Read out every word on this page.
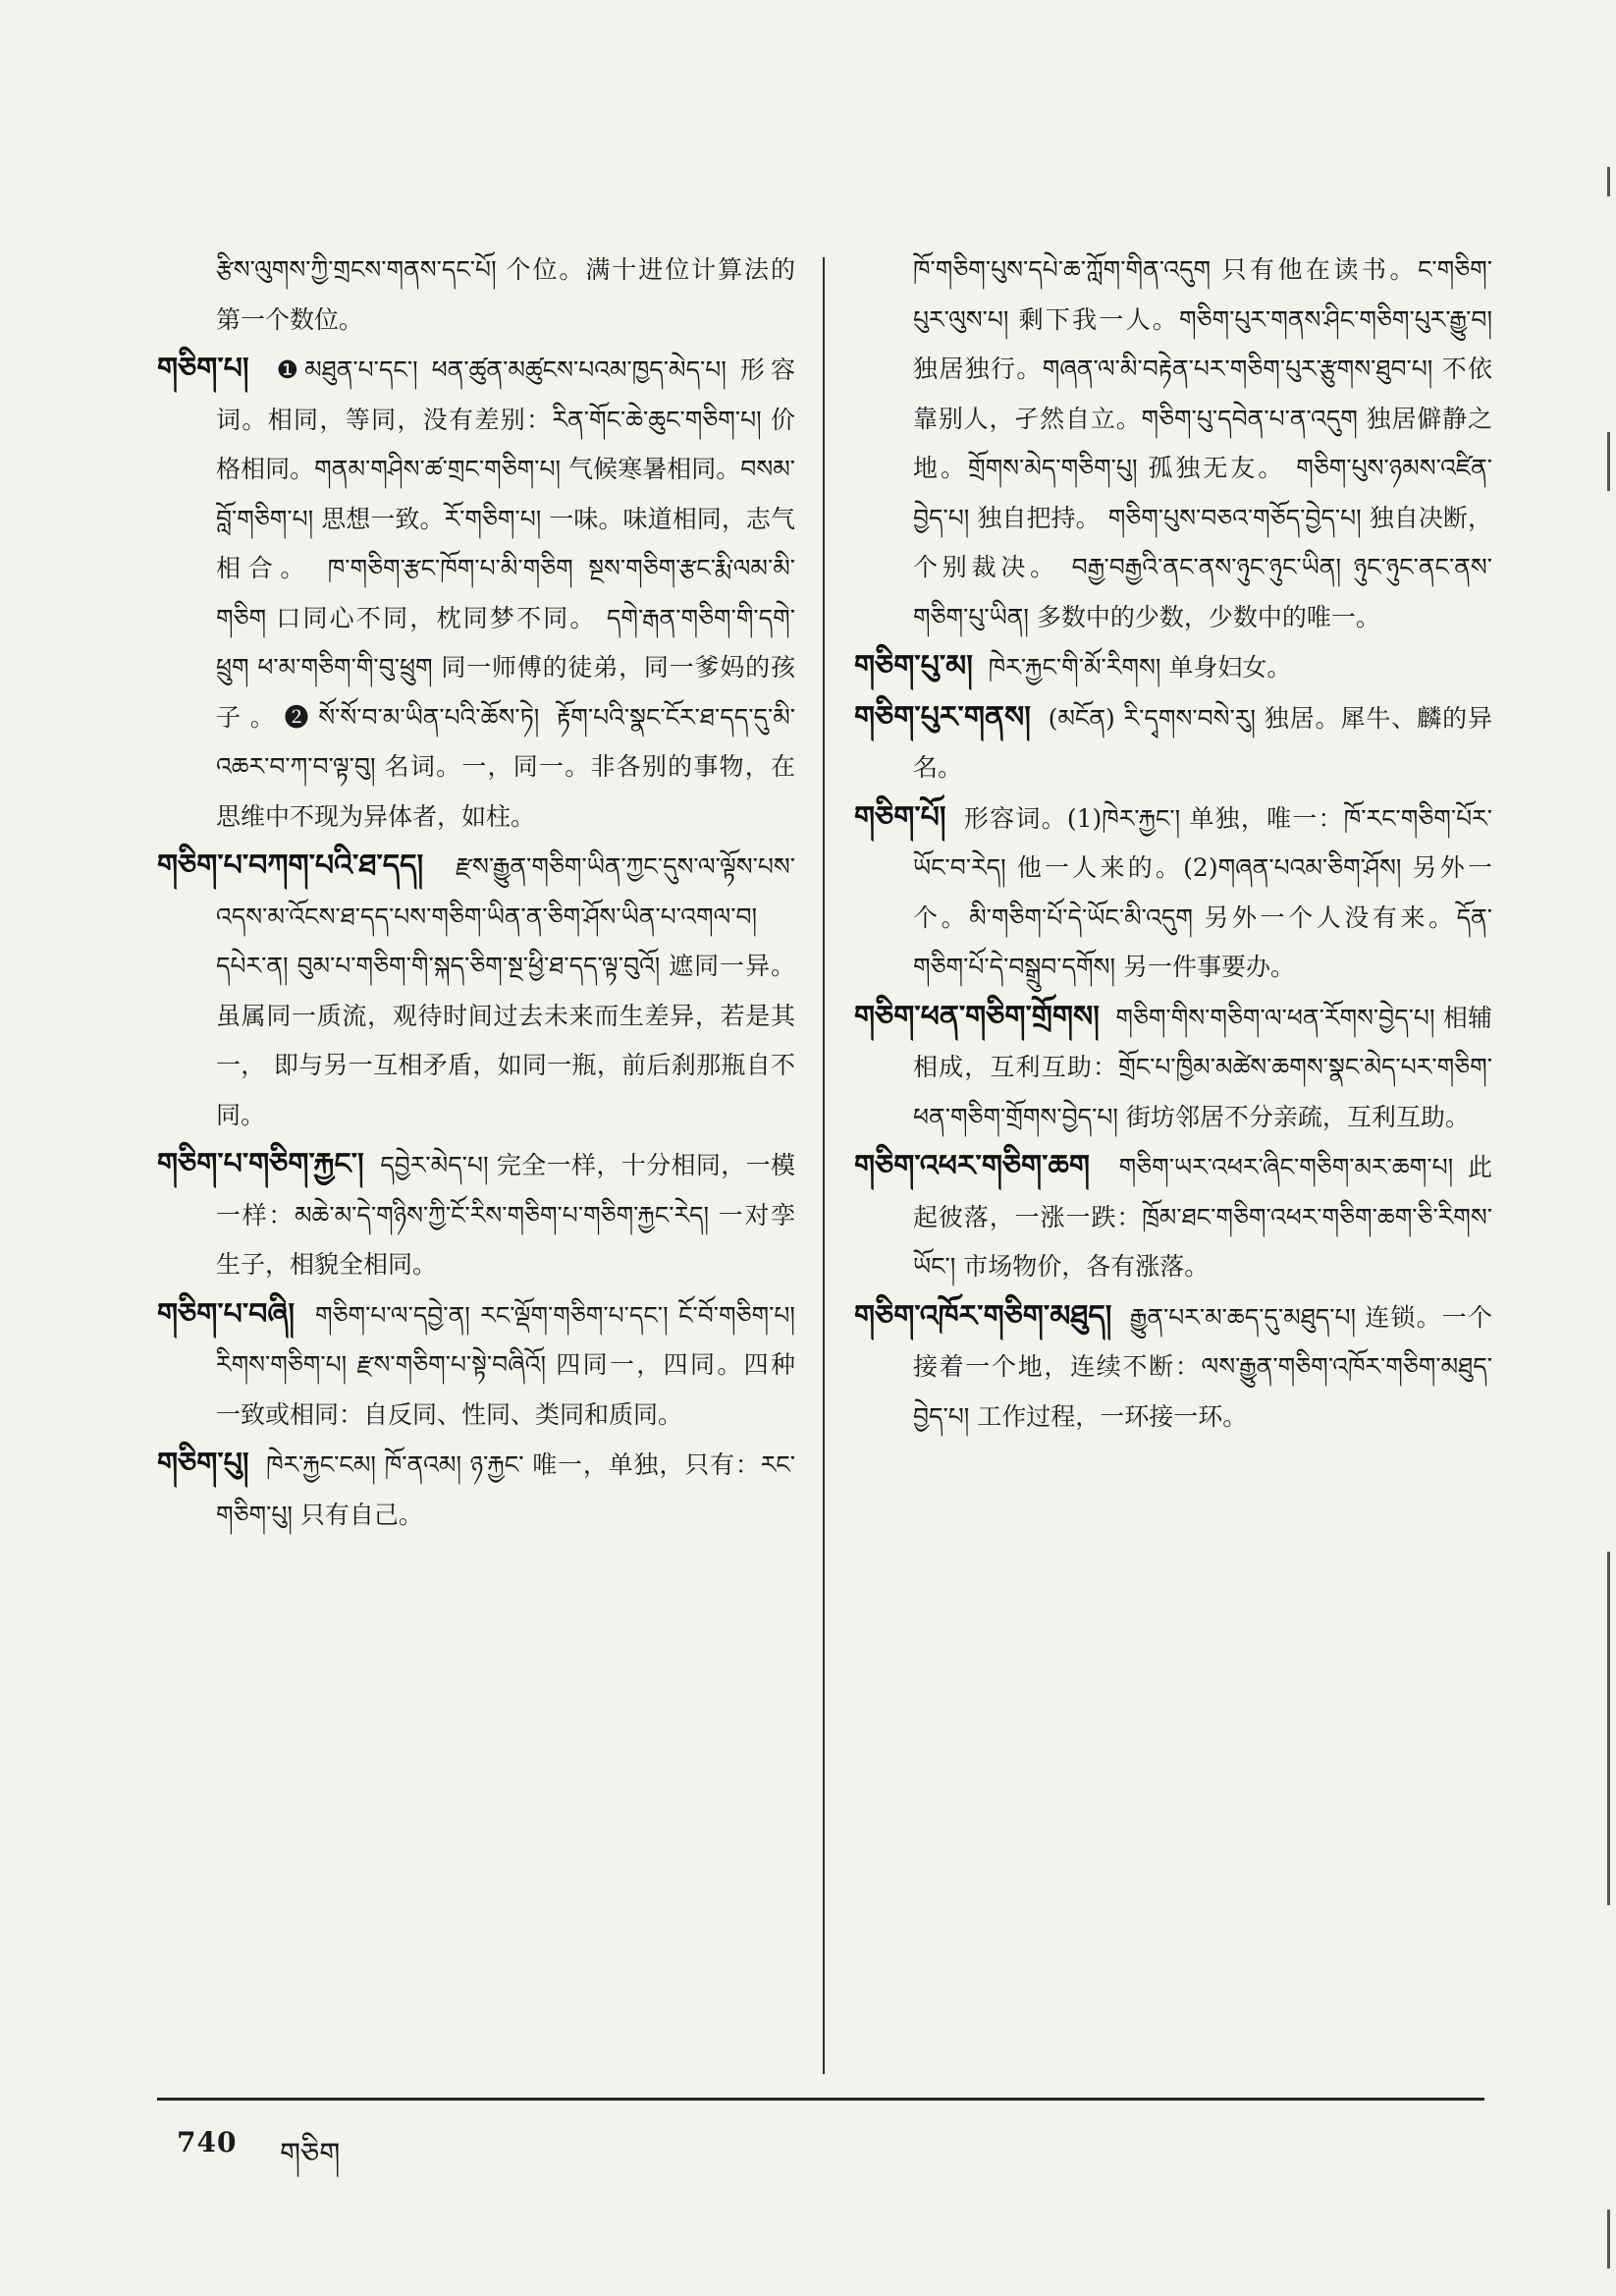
རྩིས་ལུགས་ཀྱི་གྲངས་གནས་དང་པོ། 个位。满十进位计算法的第一个数位。

གཅིག་པ། ❶མཐུན་པ་དང་། ཕན་ཚུན་མཚུངས་པའམ་ཁྱད་མེད་པ། 形容词。相同，等同，没有差别：རིན་གོང་ཆེ་ཆུང་གཅིག་པ། 价格相同。གནམ་གཤིས་ཚ་གྲང་གཅིག་པ། 气候寒暑相同。བསམ་བློ་གཅིག་པ། 思想一致。རོ་གཅིག་པ། 一味。味道相同，志气相合。 ཁ་གཅིག་རྩང་ཁོག་པ་མི་གཅིག སྔས་གཅིག་རྩང་རྨི་ལམ་མི་གཅིག 口同心不同，枕同梦不同。 དགེ་རྒན་གཅིག་གི་དགེ་ཕྲུག ཕ་མ་གཅིག་གི་བུ་ཕྲུག 同一师傅的徒弟，同一爹妈的孩子。❷སོ་སོ་བ་མ་ཡིན་པའི་ཆོས་ཏེ། རྟོག་པའི་སྣང་ངོར་ཐ་དད་དུ་མི་འཆར་བ་ཀ་བ་ལྟ་བུ། 名词。一，同一。非各别的事物，在思维中不现为异体者，如柱。

གཅིག་པ་བཀག་པའི་ཐ་དད། རྫས་རྒྱུན་གཅིག་ཡིན་ཀྱང་དུས་ལ་ལྟོས་པས་འདས་མ་འོངས་ཐ་དད་པས་གཅིག་ཡིན་ན་ཅིག་ཤོས་ཡིན་པ་འགལ་བ། དཔེར་ན། བུམ་པ་གཅིག་གི་སྐད་ཅིག་སྔ་ཕྱི་ཐ་དད་ལྟ་བུའོ། 遮同一异。虽属同一质流，观待时间过去未来而生差异，若是其一， 即与另一互相矛盾，如同一瓶，前后刹那瓶自不同。

གཅིག་པ་གཅིག་རྐྱང་། དབྱེར་མེད་པ། 完全一样，十分相同，一模一样：མཆེ་མ་དེ་གཉིས་ཀྱི་ངོ་རིས་གཅིག་པ་གཅིག་རྐྱང་རེད། 一对孪生子，相貌全相同。

གཅིག་པ་བཞི། གཅིག་པ་ལ་དབྱེ་ན། རང་ལྡོག་གཅིག་པ་དང་། ངོ་བོ་གཅིག་པ། རིགས་གཅིག་པ། རྫས་གཅིག་པ་སྟེ་བཞིའོ། 四同一，四同。四种一致或相同：自反同、性同、类同和质同。

གཅིག་པུ། ཁེར་རྐྱང་ངམ། ཁོ་ནའམ། ཉ་རྐྱང་ 唯一，单独，只有：རང་གཅིག་པུ། 只有自己。

ཁོ་གཅིག་པུས་དཔེ་ཆ་ཀློག་གིན་འདུག 只有他在读书。ང་གཅིག་པུར་ལུས་པ། 剩下我一人。གཅིག་པུར་གནས་ཤིང་གཅིག་པུར་རྒྱུ་བ། 独居独行。གཞན་ལ་མི་བརྟེན་པར་གཅིག་པུར་རྩུགས་ཐུབ་པ། 不依靠别人，孑然自立。གཅིག་པུ་དབེན་པ་ན་འདུག 独居僻静之地。གྲོགས་མེད་གཅིག་པུ། 孤独无友。 གཅིག་པུས་ཉམས་འཛིན་བྱེད་པ། 独自把持。 གཅིག་པུས་བཅའ་གཅོད་བྱེད་པ། 独自决断，个别裁决。 བརྒྱ་བརྒྱའི་ནང་ནས་ཉུང་ཉུང་ཡིན། ཉུང་ཉུང་ནང་ནས་གཅིག་པུ་ཡིན། 多数中的少数，少数中的唯一。

གཅིག་པུ་མ། ཁེར་རྐྱང་གི་མོ་རིགས། 单身妇女。

གཅིག་པུར་གནས། (མངོན) རི་དྭགས་བསེ་རུ། 独居。犀牛、麟的异名。

གཅིག་པོ། 形容词。(1)ཁེར་རྐྱང་། 单独，唯一：ཁོ་རང་གཅིག་པོར་ཡོང་བ་རེད། 他一人来的。(2)གཞན་པའམ་ཅིག་ཤོས། 另外一个。མི་གཅིག་པོ་དེ་ཡོང་མི་འདུག 另外一个人没有来。དོན་གཅིག་པོ་དེ་བསྒྲུབ་དགོས། 另一件事要办。

གཅིག་ཕན་གཅིག་གྲོགས། གཅིག་གིས་གཅིག་ལ་ཕན་རོགས་བྱེད་པ། 相辅相成，互利互助：གྲོང་པ་ཁྱིམ་མཚེས་ཆགས་སྣང་མེད་པར་གཅིག་ཕན་གཅིག་གྲོགས་བྱེད་པ། 街坊邻居不分亲疏，互利互助。

གཅིག་འཕར་གཅིག་ཆག གཅིག་ཡར་འཕར་ཞིང་གཅིག་མར་ཆག་པ། 此起彼落，一涨一跌：ཁྲོམ་ཐང་གཅིག་འཕར་གཅིག་ཆག་ཅི་རིགས་ཡོང་། 市场物价，各有涨落。

གཅིག་འཁོར་གཅིག་མཐུད། རྒྱུན་པར་མ་ཆད་དུ་མཐུད་པ། 连锁。一个接着一个地，连续不断：ལས་རྒྱུན་གཅིག་འཁོར་གཅིག་མཐུད་བྱེད་པ། 工作过程，一环接一环。

740 གཅིག
